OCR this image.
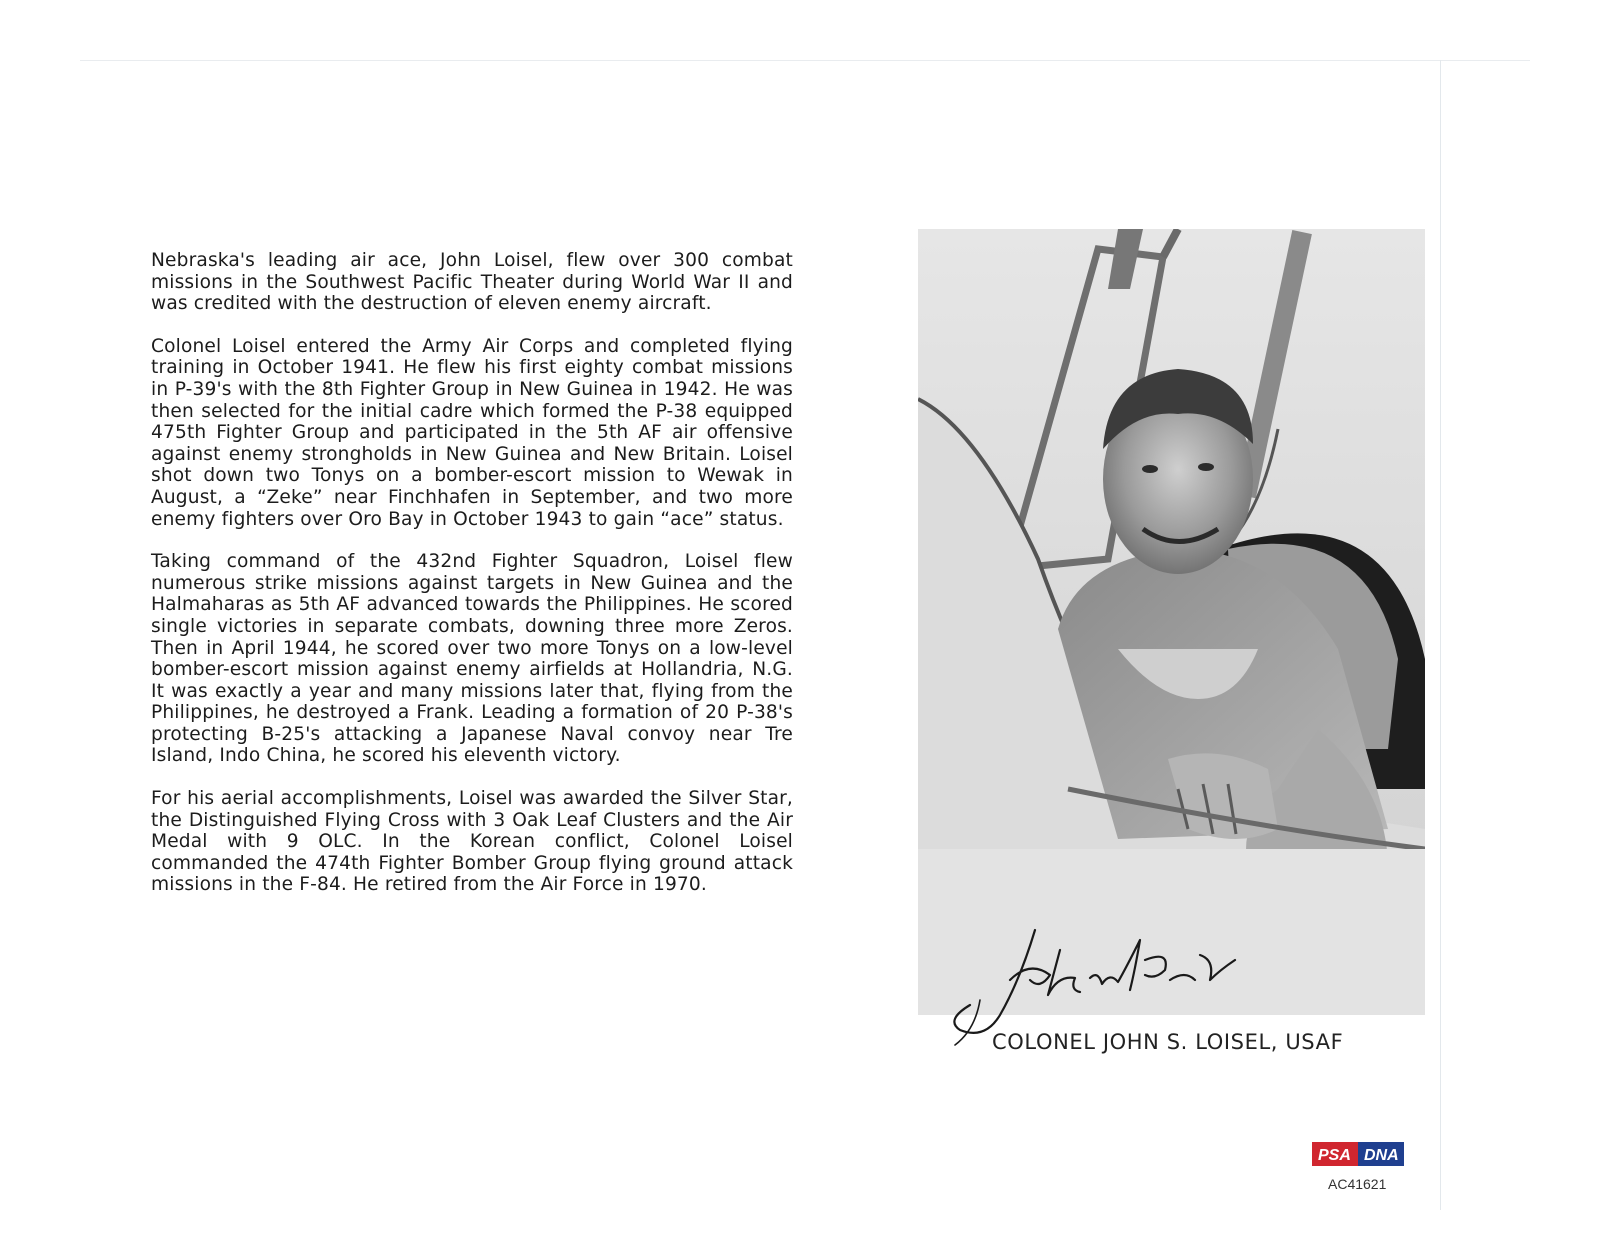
Nebraska's leading air ace, John Loisel, flew over 300 combat missions in the Southwest Pacific Theater during World War II and was credited with the destruction of eleven enemy aircraft.

Colonel Loisel entered the Army Air Corps and completed flying training in October 1941. He flew his first eighty combat missions in P-39's with the 8th Fighter Group in New Guinea in 1942. He was then selected for the initial cadre which formed the P-38 equipped 475th Fighter Group and participated in the 5th AF air offensive against enemy strongholds in New Guinea and New Britain. Loisel shot down two Tonys on a bomber-escort mission to Wewak in August, a “Zeke” near Finchhafen in September, and two more enemy fighters over Oro Bay in October 1943 to gain “ace” status.

Taking command of the 432nd Fighter Squadron, Loisel flew numerous strike missions against targets in New Guinea and the Halmaharas as 5th AF advanced towards the Philippines. He scored single victories in separate combats, downing three more Zeros. Then in April 1944, he scored over two more Tonys on a low-level bomber-escort mission against enemy airfields at Hollandria, N.G. It was exactly a year and many missions later that, flying from the Philippines, he destroyed a Frank. Leading a formation of 20 P-38's protecting B-25's attacking a Japanese Naval convoy near Tre Island, Indo China, he scored his eleventh victory.

For his aerial accomplishments, Loisel was awarded the Silver Star, the Distinguished Flying Cross with 3 Oak Leaf Clusters and the Air Medal with 9 OLC. In the Korean conflict, Colonel Loisel commanded the 474th Fighter Bomber Group flying ground attack missions in the F-84. He retired from the Air Force in 1970.

COLONEL JOHN S. LOISEL, USAF
PSA DNA
AC41621
